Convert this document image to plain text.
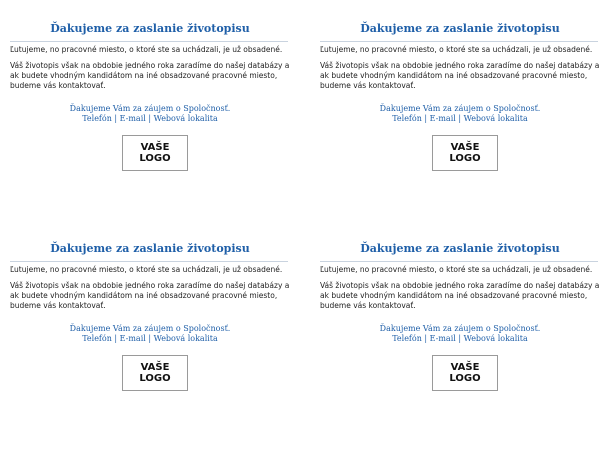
Ďakujeme za zaslanie životopisu

Ľutujeme, no pracovné miesto, o ktoré ste sa uchádzali, je už obsadené.

Váš životopis však na obdobie jedného roka zaradíme do našej databázy a ak budete vhodným kandidátom na iné obsadzované pracovné miesto, budeme vás kontaktovať.

Ďakujeme Vám za záujem o Spoločnosť.
Telefón | E-mail | Webová lokalita
VAŠE
LOGO
Ďakujeme za zaslanie životopisu

Ľutujeme, no pracovné miesto, o ktoré ste sa uchádzali, je už obsadené.

Váš životopis však na obdobie jedného roka zaradíme do našej databázy a ak budete vhodným kandidátom na iné obsadzované pracovné miesto, budeme vás kontaktovať.

Ďakujeme Vám za záujem o Spoločnosť.
Telefón | E-mail | Webová lokalita
VAŠE
LOGO
Ďakujeme za zaslanie životopisu

Ľutujeme, no pracovné miesto, o ktoré ste sa uchádzali, je už obsadené.

Váš životopis však na obdobie jedného roka zaradíme do našej databázy a ak budete vhodným kandidátom na iné obsadzované pracovné miesto, budeme vás kontaktovať.

Ďakujeme Vám za záujem o Spoločnosť.
Telefón | E-mail | Webová lokalita
VAŠE
LOGO
Ďakujeme za zaslanie životopisu

Ľutujeme, no pracovné miesto, o ktoré ste sa uchádzali, je už obsadené.

Váš životopis však na obdobie jedného roka zaradíme do našej databázy a ak budete vhodným kandidátom na iné obsadzované pracovné miesto, budeme vás kontaktovať.

Ďakujeme Vám za záujem o Spoločnosť.
Telefón | E-mail | Webová lokalita
VAŠE
LOGO
